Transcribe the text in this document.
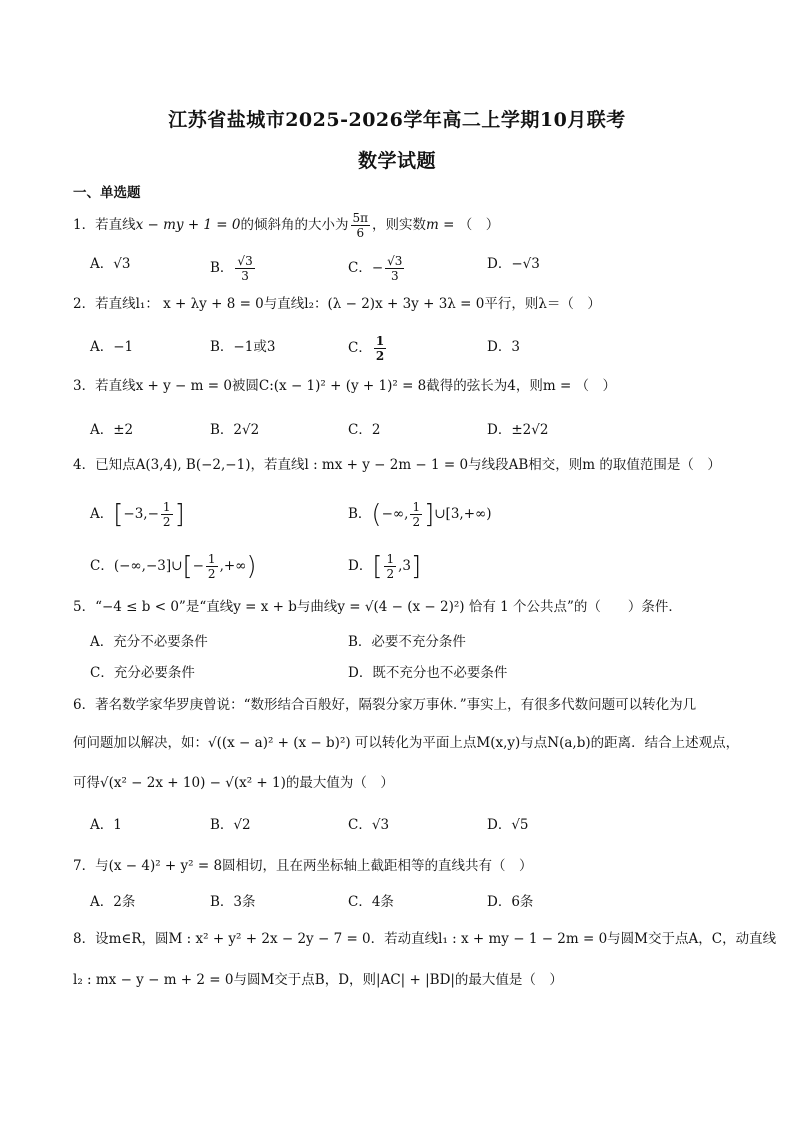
江苏省盐城市2025-2026学年高二上学期10月联考
数学试题
一、单选题
1．若直线x − my + 1 = 0的倾斜角的大小为 $\frac{5\pi}{6}$ ，则实数m = （　）
A．√3	B． $\frac{√3}{3}$	C．− $\frac{√3}{3}$	D．−√3
2．若直线l₁： x + λy + 8 = 0与直线l₂：(λ − 2)x + 3y + 3λ = 0平行，则λ＝（　）
A．−1	B．−1或3	C． $\frac{1}{2}$	D．3
3．若直线x + y − m = 0被圆C:(x − 1)² + (y + 1)² = 8截得的弦长为4，则m = （　）
A．±2	B．2√2	C．2	D．±2√2
4．已知点A(3,4), B(−2,−1)，若直线l : mx + y − 2m − 1 = 0与线段AB相交，则m 的取值范围是（　）
A．[$-3,- \frac{1}{2}$ ]	B．(−∞, $\frac{1}{2}$ ]∪[3,+∞)
C．(−∞,−3]∪[− $\frac{1}{2}$ ,+∞)	D．[ $\frac{1}{2} ,3$]
5．“−4 ≤ b < 0”是“直线y = x + b与曲线y = √(4 − (x − 2)²) 恰有 1 个公共点”的（　　）条件．
A．充分不必要条件	B．必要不充分条件
C．充分必要条件	D．既不充分也不必要条件
6．著名数学家华罗庚曾说：“数形结合百般好，隔裂分家万事休．”事实上，有很多代数问题可以转化为几
何问题加以解决，如：√((x − a)² + (x − b)²) 可以转化为平面上点M(x,y)与点N(a,b)的距离．结合上述观点，
可得√(x² − 2x + 10) − √(x² + 1)的最大值为（　）
A．1	B．√2	C．√3	D．√5
7．与(x − 4)² + y² = 8圆相切，且在两坐标轴上截距相等的直线共有（　）
A．2条	B．3条	C．4条	D．6条
8．设m∈R，圆M : x² + y² + 2x − 2y − 7 = 0．若动直线l₁ : x + my − 1 − 2m = 0与圆M交于点A，C，动直线
l₂ : mx − y − m + 2 = 0与圆M交于点B，D，则|AC| + |BD|的最大值是（　）
